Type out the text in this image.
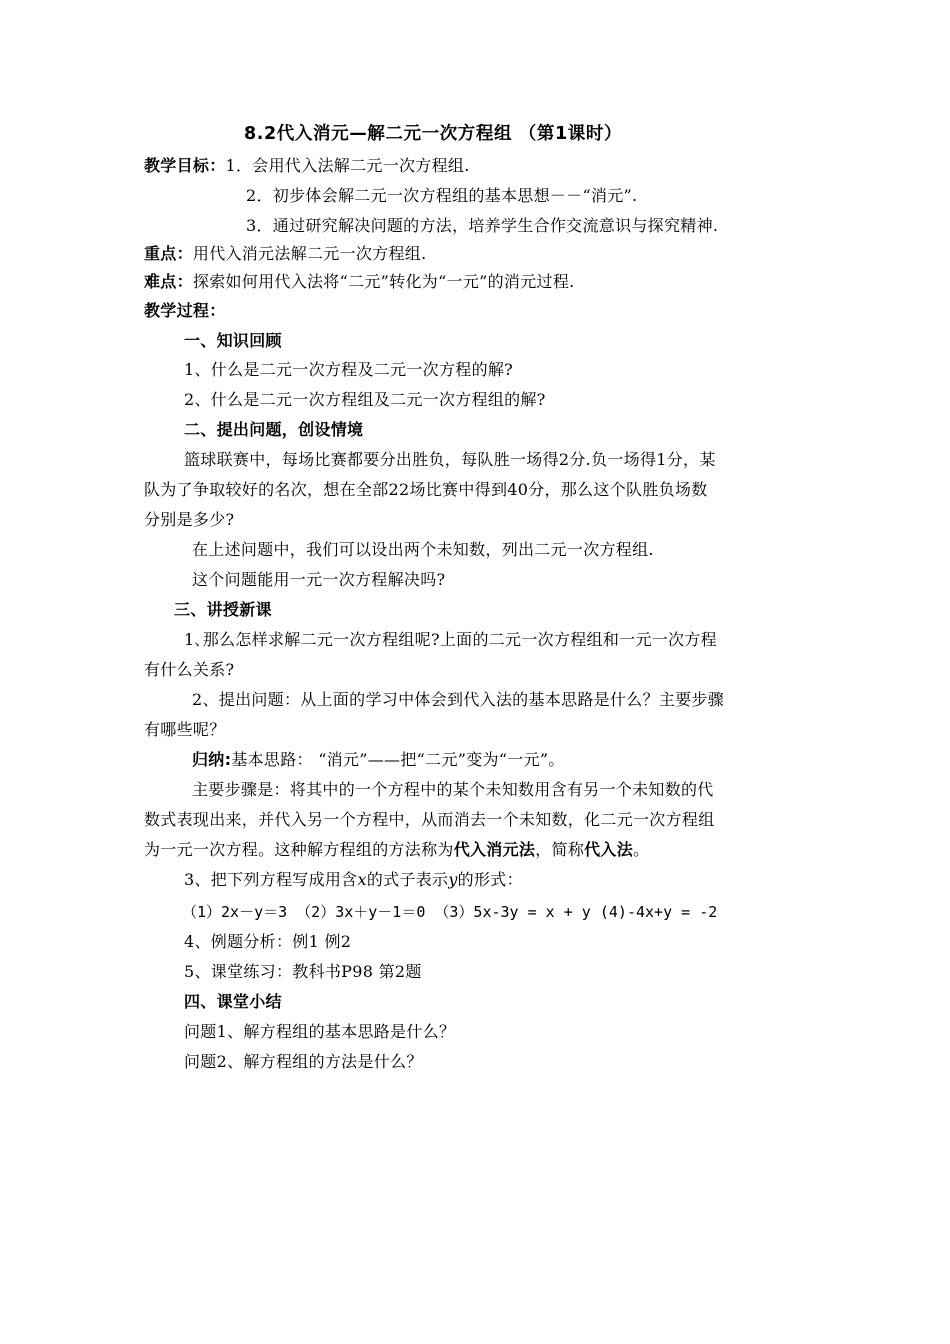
8.2代入消元—解二元一次方程组 （第1课时）
教学目标：1．会用代入法解二元一次方程组.
2．初步体会解二元一次方程组的基本思想－－“消元”.
3．通过研究解决问题的方法，培养学生合作交流意识与探究精神.
重点：用代入消元法解二元一次方程组.
难点：探索如何用代入法将“二元”转化为“一元”的消元过程.
教学过程：
一、知识回顾
1、什么是二元一次方程及二元一次方程的解?
2、什么是二元一次方程组及二元一次方程组的解?
二、提出问题，创设情境
篮球联赛中，每场比赛都要分出胜负，每队胜一场得2分.负一场得1分，某
队为了争取较好的名次，想在全部22场比赛中得到40分，那么这个队胜负场数
分别是多少?
在上述问题中，我们可以设出两个未知数，列出二元一次方程组.
这个问题能用一元一次方程解决吗?
三、讲授新课
1､那么怎样求解二元一次方程组呢?上面的二元一次方程组和一元一次方程
有什么关系?
2、提出问题：从上面的学习中体会到代入法的基本思路是什么？主要步骤
有哪些呢？
归纳:基本思路： “消元”——把“二元”变为“一元”。
主要步骤是：将其中的一个方程中的某个未知数用含有另一个未知数的代
数式表现出来，并代入另一个方程中，从而消去一个未知数，化二元一次方程组
为一元一次方程。这种解方程组的方法称为代入消元法，简称代入法。
3、把下列方程写成用含x的式子表示y的形式：
（1）2x－y＝3 （2）3x＋y－1＝0 （3）5x-3y = x + y (4)-4x+y = -2
4、例题分析：例1 例2
5、课堂练习：教科书P98 第2题
四、课堂小结
问题1、解方程组的基本思路是什么？
问题2、解方程组的方法是什么？
